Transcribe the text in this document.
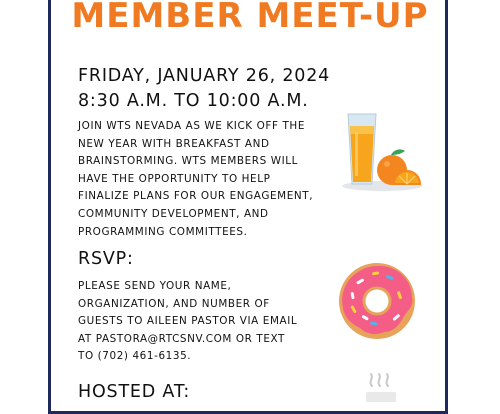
MEMBER MEET-UP
FRIDAY, JANUARY 26, 2024
8:30 A.M. TO 10:00 A.M.
JOIN WTS NEVADA AS WE KICK OFF THE
NEW YEAR WITH BREAKFAST AND
BRAINSTORMING. WTS MEMBERS WILL
HAVE THE OPPORTUNITY TO HELP
FINALIZE PLANS FOR OUR ENGAGEMENT,
COMMUNITY DEVELOPMENT, AND
PROGRAMMING COMMITTEES.
RSVP:
PLEASE SEND YOUR NAME,
ORGANIZATION, AND NUMBER OF
GUESTS TO AILEEN PASTOR VIA EMAIL
AT PASTORA@RTCSNV.COM OR TEXT
TO (702) 461-6135.
HOSTED AT:
